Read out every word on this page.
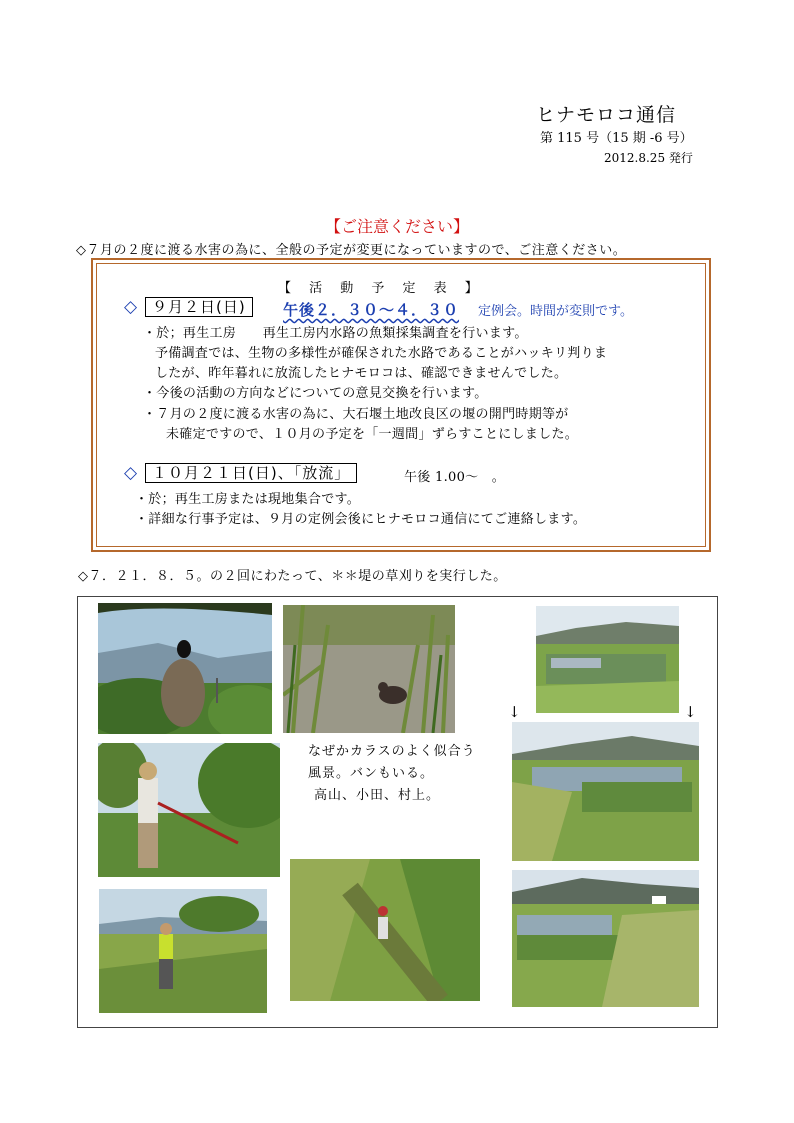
ヒナモロコ通信
第 115 号（15 期 -6 号）
2012.8.25 発行
【ご注意ください】
◇７月の２度に渡る水害の為に、全般の予定が変更になっていますので、ご注意ください。
【 活 動 予 定 表 】
◇ ９月２日(日)	午後２．３０～４．３０ 定例会。時間が変則です。
・於；再生工房　　再生工房内水路の魚類採集調査を行います。
予備調査では、生物の多様性が確保された水路であることがハッキリ判りま
したが、昨年暮れに放流したヒナモロコは、確認できませんでした。
・今後の活動の方向などについての意見交換を行います。
・７月の２度に渡る水害の為に、大石堰土地改良区の堰の開門時期等が
未確定ですので、１０月の予定を「一週間」ずらすことにしました。
◇ １０月２１日(日)、「放流」	午後 1.00～　。
・於；再生工房または現地集合です。
・詳細な行事予定は、９月の定例会後にヒナモロコ通信にてご連絡します。
◇７．２１．８．５。の２回にわたって、＊＊堤の草刈りを実行した。
↓	↓
なぜかカラスのよく似合う
風景。バンもいる。
高山、小田、村上。
